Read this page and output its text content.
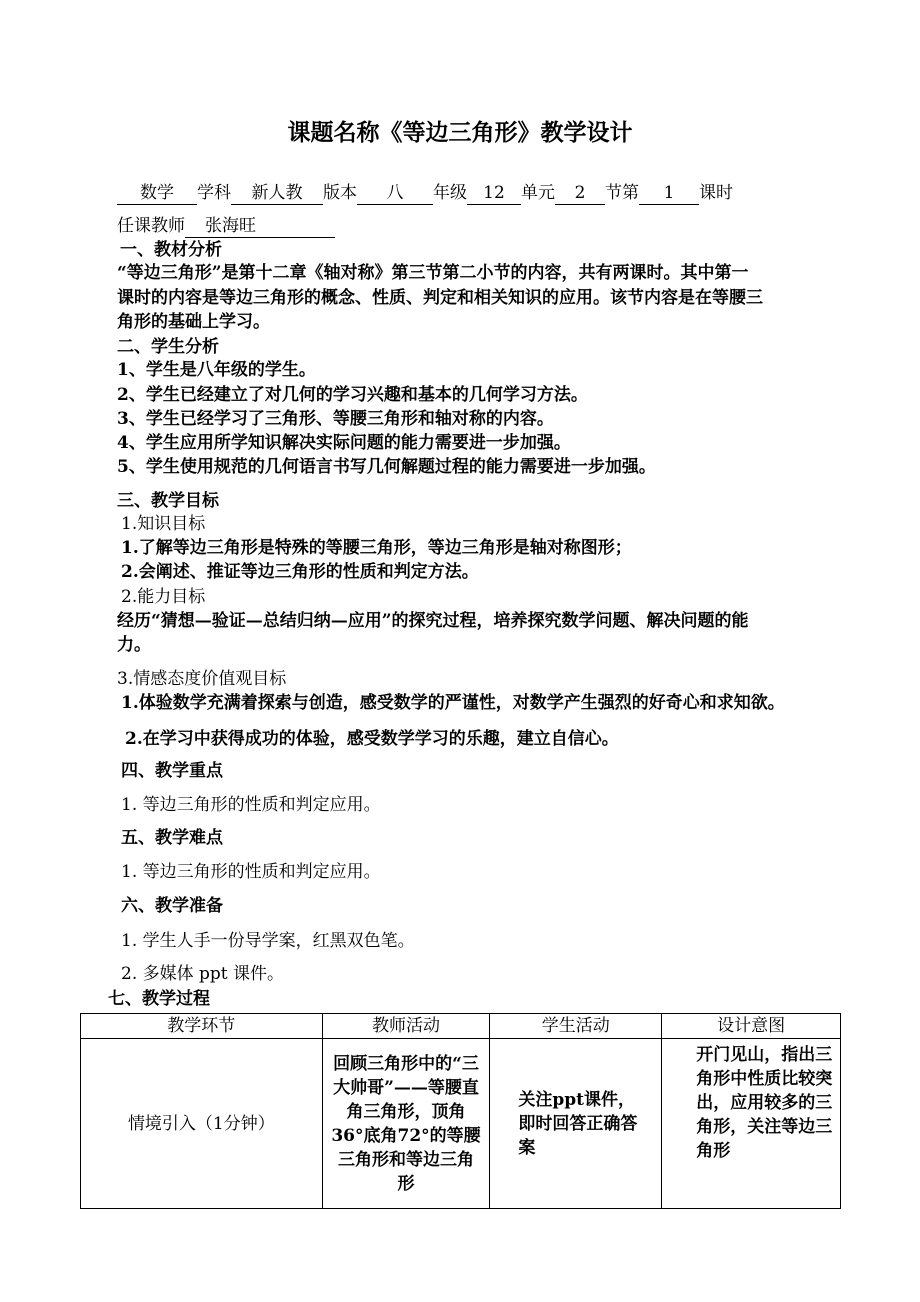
课题名称《等边三角形》教学设计
数学 学科 新人教 版本 八 年级 12 单元 2 节第 1 课时
任课教师 张海旺
一、教材分析
“等边三角形”是第十二章《轴对称》第三节第二小节的内容，共有两课时。其中第一
课时的内容是等边三角形的概念、性质、判定和相关知识的应用。该节内容是在等腰三
角形的基础上学习。
二、学生分析
1、学生是八年级的学生。
2、学生已经建立了对几何的学习兴趣和基本的几何学习方法。
3、学生已经学习了三角形、等腰三角形和轴对称的内容。
4、学生应用所学知识解决实际问题的能力需要进一步加强。
5、学生使用规范的几何语言书写几何解题过程的能力需要进一步加强。
三、教学目标
1.知识目标
1.了解等边三角形是特殊的等腰三角形，等边三角形是轴对称图形；
2.会阐述、推证等边三角形的性质和判定方法。
2.能力目标
经历“猜想—验证—总结归纳—应用”的探究过程，培养探究数学问题、解决问题的能
力。
3.情感态度价值观目标
1.体验数学充满着探索与创造，感受数学的严谨性，对数学产生强烈的好奇心和求知欲。
2.在学习中获得成功的体验，感受数学学习的乐趣，建立自信心。
四、教学重点
1. 等边三角形的性质和判定应用。
五、教学难点
1. 等边三角形的性质和判定应用。
六、教学准备
1. 学生人手一份导学案，红黑双色笔。
2. 多媒体 ppt 课件。
七、教学过程
教学环节	教师活动	学生活动	设计意图
情境引入（1分钟）	回顾三角形中的“三大帅哥”——等腰直角三角形，顶角36°底角72°的等腰三角形和等边三角形	关注ppt课件，即时回答正确答案	开门见山，指出三角形中性质比较突出，应用较多的三角形，关注等边三角形
